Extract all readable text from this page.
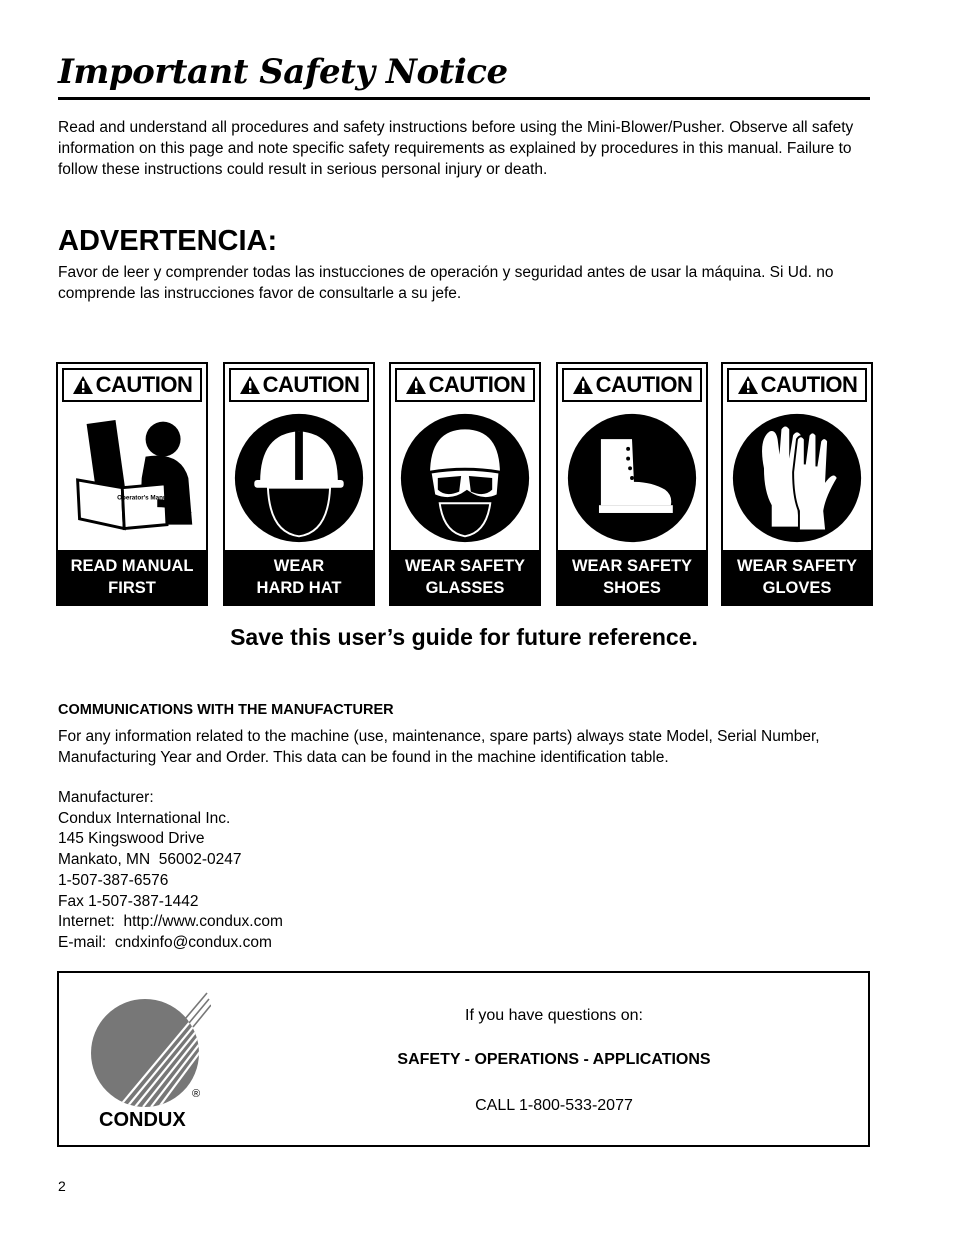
Important Safety Notice

Read and understand all procedures and safety instructions before using the Mini-Blower/Pusher. Observe all safety information on this page and note specific safety requirements as explained by procedures in this manual. Failure to follow these instructions could result in serious personal injury or death.

ADVERTENCIA:

Favor de leer y comprender todas las instucciones de operación y seguridad antes de usar la máquina. Si Ud. no comprende las instrucciones favor de consultarle a su jefe.

CAUTION
Operator's Manual
READ MANUAL
FIRST
CAUTION
WEAR
HARD HAT
CAUTION
WEAR SAFETY
GLASSES
CAUTION
WEAR SAFETY
SHOES
CAUTION
WEAR SAFETY
GLOVES
Save this user’s guide for future reference.
COMMUNICATIONS WITH THE MANUFACTURER

For any information related to the machine (use, maintenance, spare parts) always state Model, Serial Number, Manufacturing Year and Order. This data can be found in the machine identification table.

Manufacturer:
Condux International Inc.
145 Kingswood Drive
Mankato, MN  56002-0247
1-507-387-6576
Fax 1-507-387-1442
Internet:  http://www.condux.com
E-mail:  cndxinfo@condux.com
®
CONDUX
If you have questions on:
SAFETY - OPERATIONS - APPLICATIONS
CALL 1-800-533-2077
2
